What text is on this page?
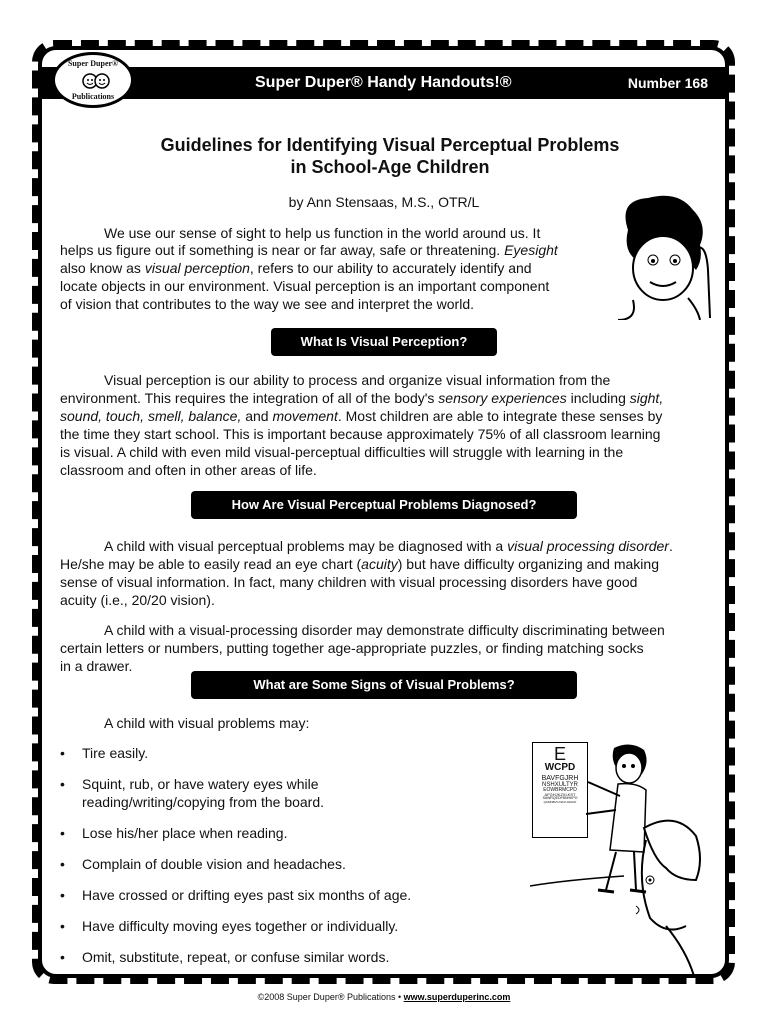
Super Duper® Handy Handouts!®	Number 168
Super Duper®
Publications
Guidelines for Identifying Visual Perceptual Problems
in School-Age Children
by Ann Stensaas, M.S., OTR/L
We use our sense of sight to help us function in the world around us. It
helps us figure out if something is near or far away, safe or threatening. Eyesight
also know as visual perception, refers to our ability to accurately identify and
locate objects in our environment. Visual perception is an important component
of vision that contributes to the way we see and interpret the world.
What Is Visual Perception?
Visual perception is our ability to process and organize visual information from the
environment. This requires the integration of all of the body's sensory experiences including sight,
sound, touch, smell, balance, and movement. Most children are able to integrate these senses by
the time they start school. This is important because approximately 75% of all classroom learning
is visual. A child with even mild visual-perceptual difficulties will struggle with learning in the
classroom and often in other areas of life.
How Are Visual Perceptual Problems Diagnosed?
A child with visual perceptual problems may be diagnosed with a visual processing disorder.
He/she may be able to easily read an eye chart (acuity) but have difficulty organizing and making
sense of visual information. In fact, many children with visual processing disorders have good
acuity (i.e., 20/20 vision).
A child with a visual-processing disorder may demonstrate difficulty discriminating between
certain letters or numbers, putting together age-appropriate puzzles, or finding matching socks
in a drawer.
What are Some Signs of Visual Problems?
A child with visual problems may:
• Tire easily.
• Squint, rub, or have watery eyes while
reading/writing/copying from the board.
• Lose his/her place when reading.
• Complain of double vision and headaches.
• Have crossed or drifting eyes past six months of age.
• Have difficulty moving eyes together or individually.
• Omit, substitute, repeat, or confuse similar words.
E
WCPD
BAVFGJRH
NSHXULTYR
EOWBRMCPD
AFGHJKZXLKST
SAWRQEDFBNHKPO
QAMNBVCXZLKJHGFD
©2008 Super Duper® Publications • www.superduperinc.com
